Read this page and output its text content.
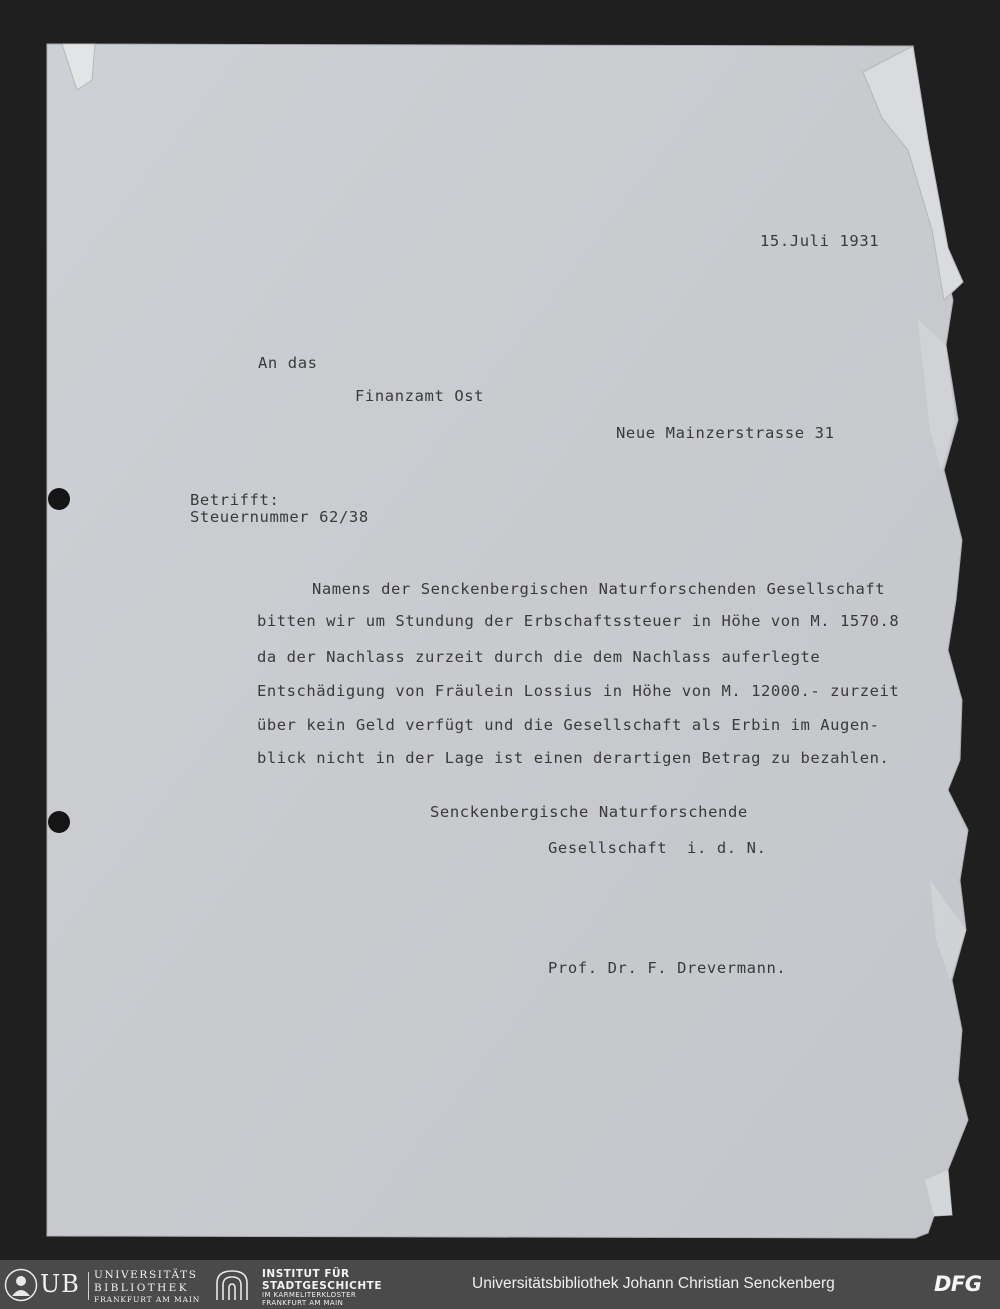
15.Juli 1931
An das
Finanzamt Ost
Neue Mainzerstrasse 31
Betrifft:
Steuernummer 62/38
Namens der Senckenbergischen Naturforschenden Gesellschaft
bitten wir um Stundung der Erbschaftssteuer in Höhe von M. 1570.8
da der Nachlass zurzeit durch die dem Nachlass auferlegte
Entschädigung von Fräulein Lossius in Höhe von M. 12000.- zurzeit
über kein Geld verfügt und die Gesellschaft als Erbin im Augen-
blick nicht in der Lage ist einen derartigen Betrag zu bezahlen.
Senckenbergische Naturforschende
Gesellschaft  i. d. N.
Prof. Dr. F. Drevermann.
UB UNIVERSITÄTS
BIBLIOTHEK
FRANKFURT AM MAIN
INSTITUT FÜR
STADTGESCHICHTE
IM KARMELITERKLOSTER
FRANKFURT AM MAIN
Universitätsbibliothek Johann Christian Senckenberg	DFG
